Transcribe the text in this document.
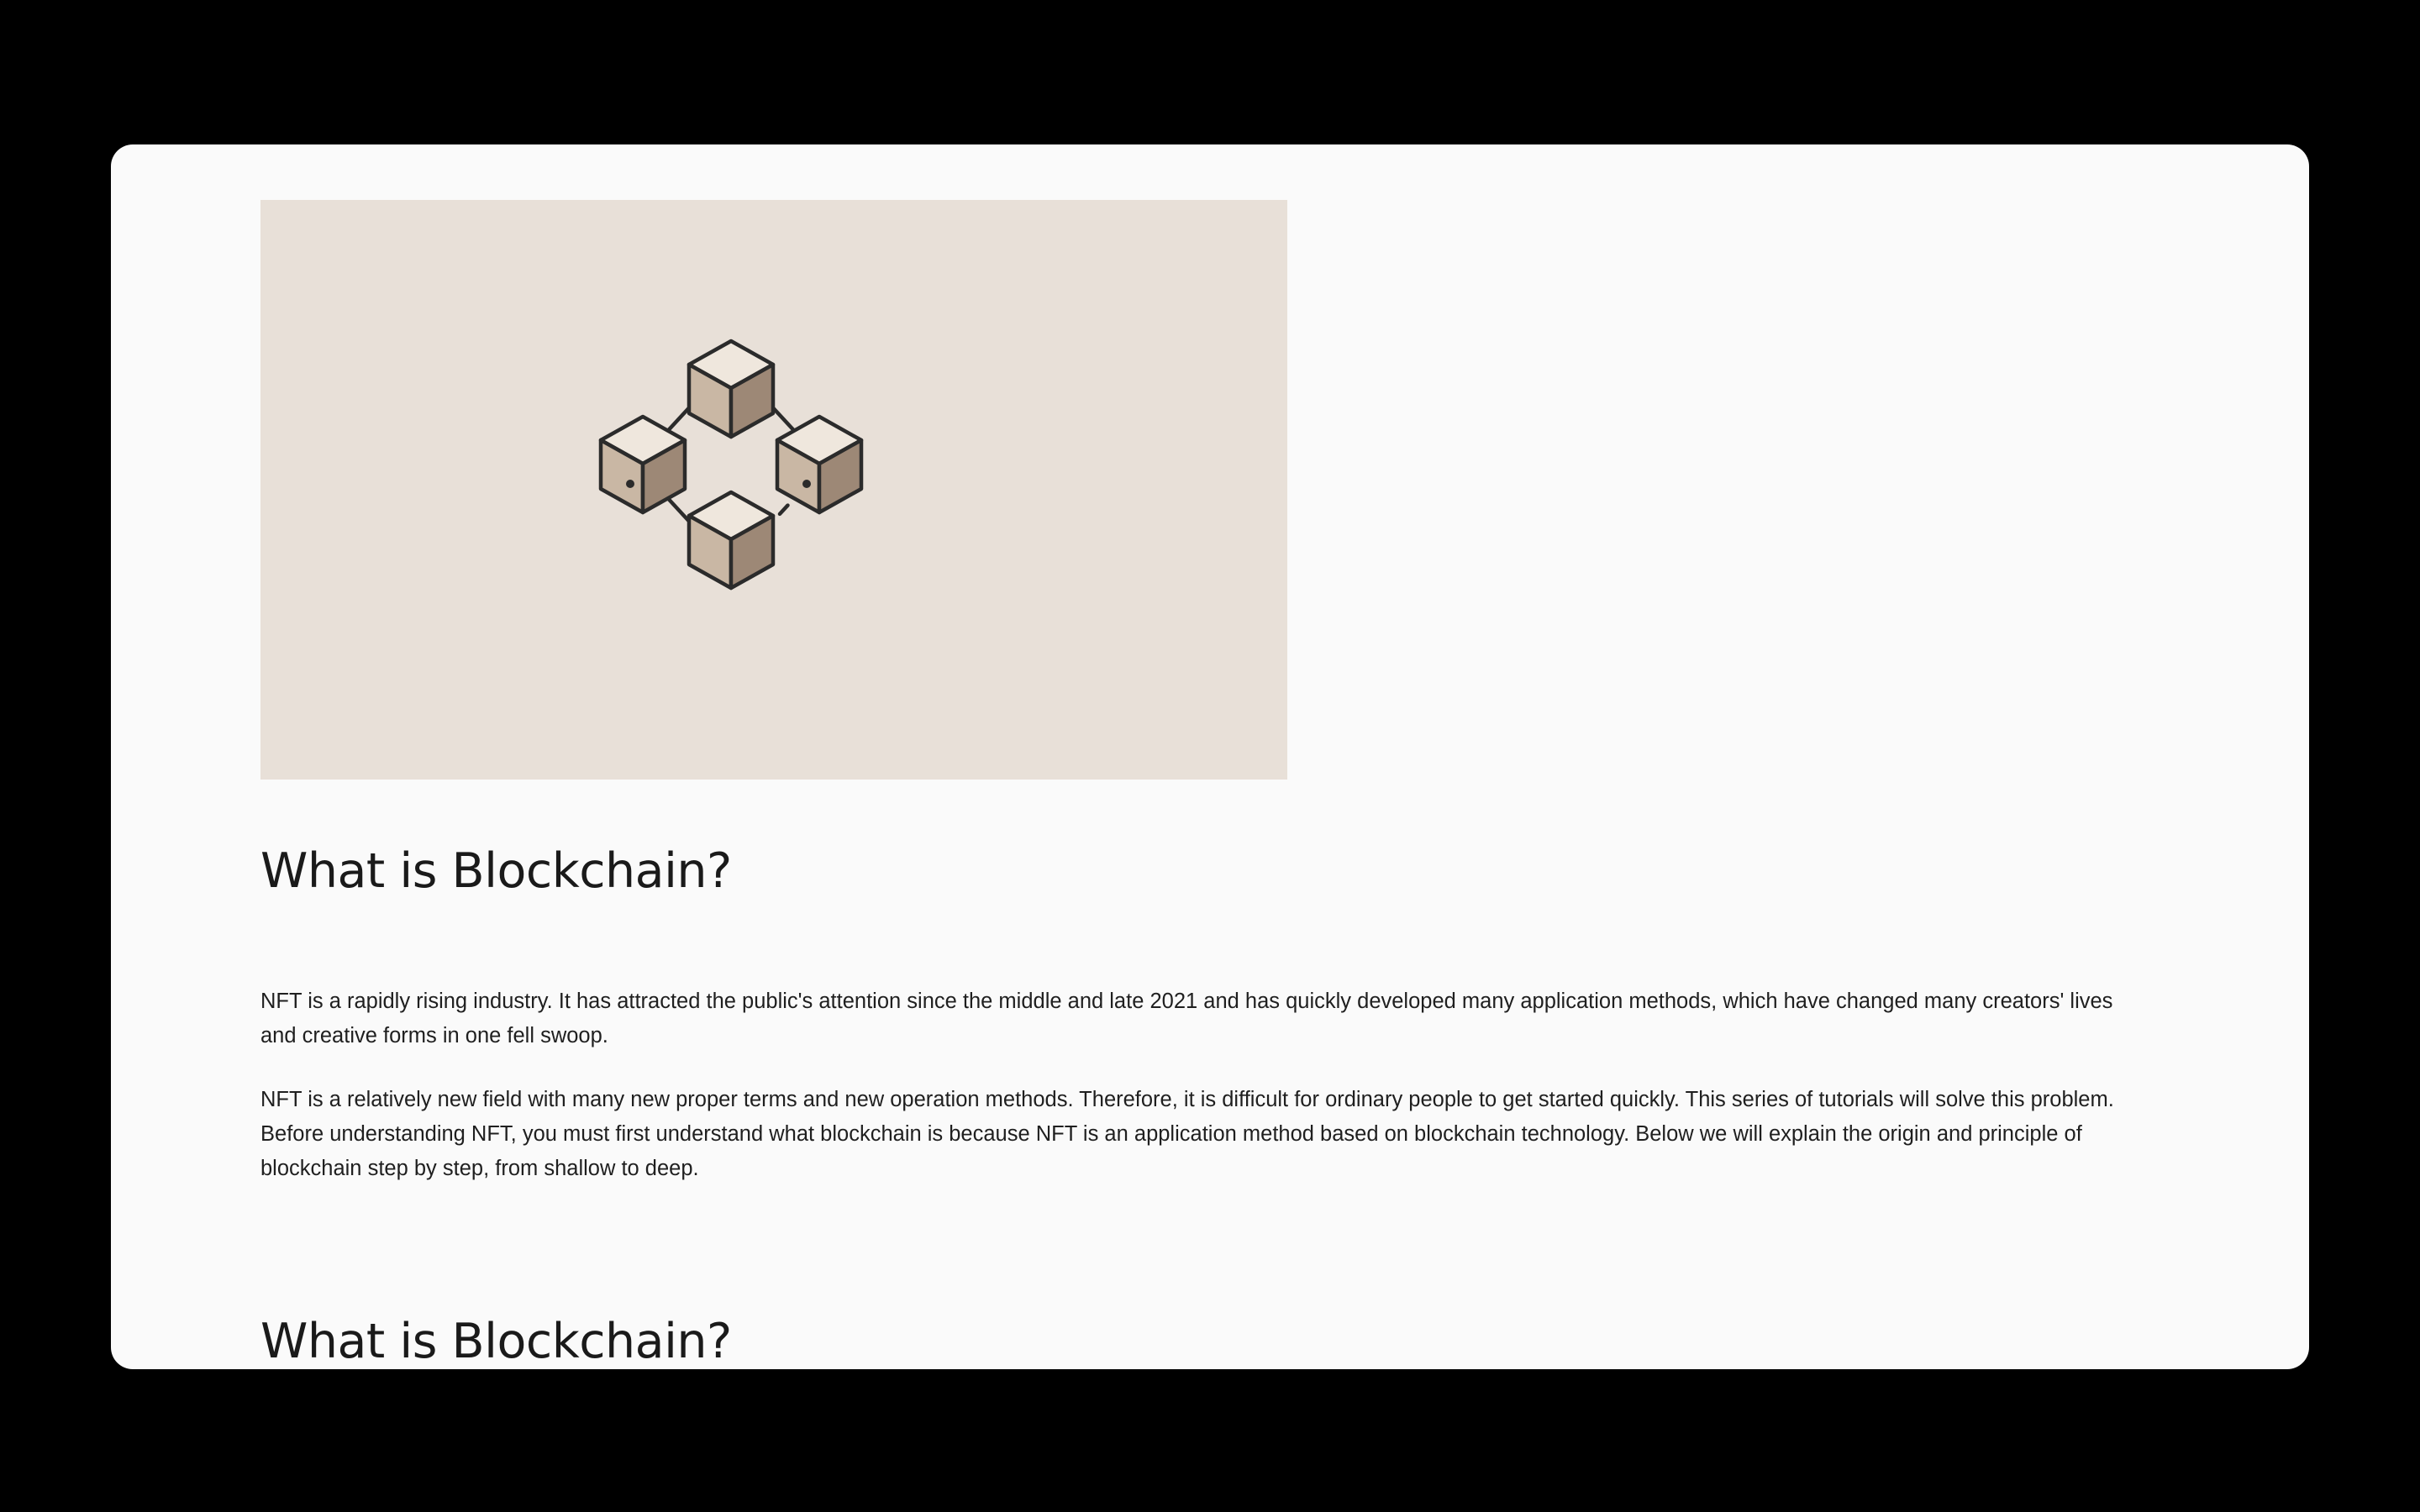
What is Blockchain?

NFT is a rapidly rising industry. It has attracted the public's attention since the middle and late 2021 and has quickly developed many application methods, which have changed many creators' lives and creative forms in one fell swoop.

NFT is a relatively new field with many new proper terms and new operation methods. Therefore, it is difficult for ordinary people to get started quickly. This series of tutorials will solve this problem. Before understanding NFT, you must first understand what blockchain is because NFT is an application method based on blockchain technology. Below we will explain the origin and principle of blockchain step by step, from shallow to deep.

What is Blockchain?
